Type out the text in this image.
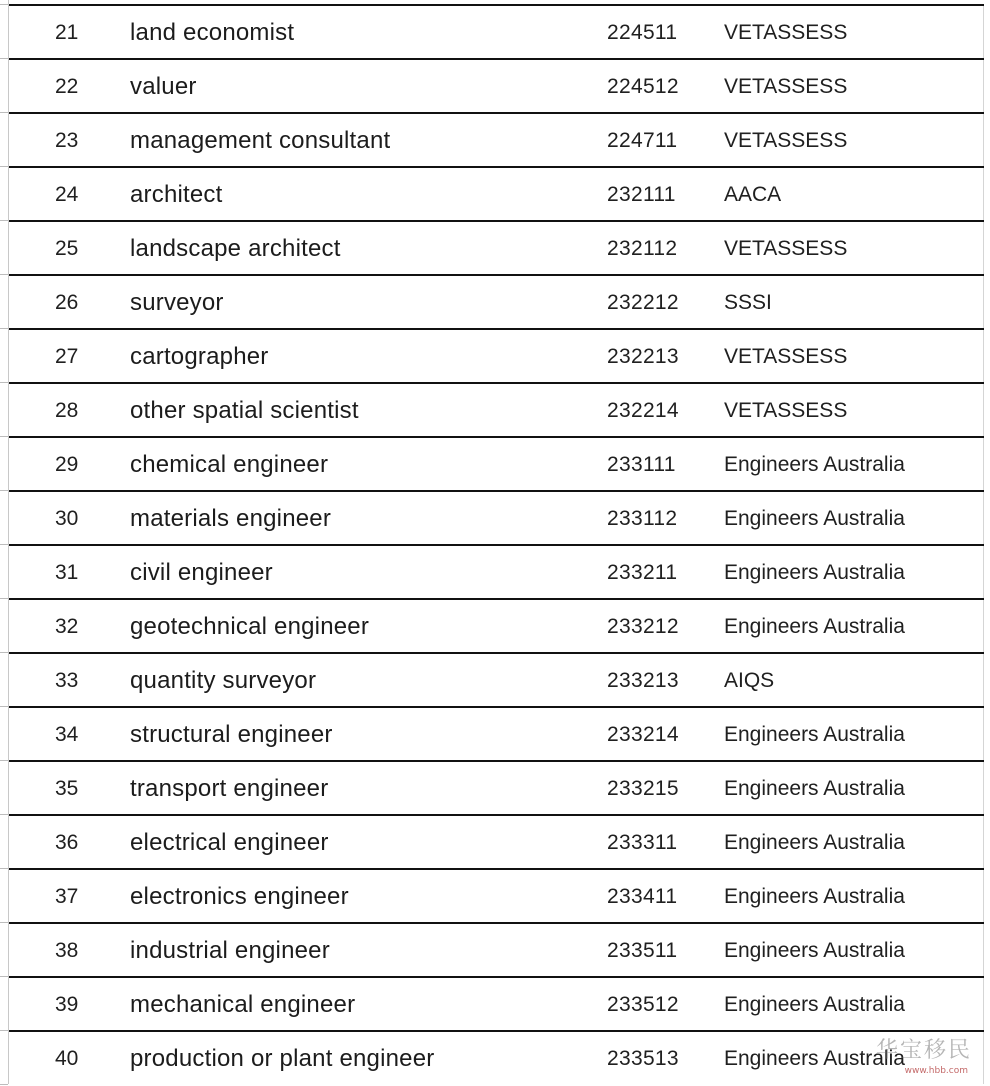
21 land economist	224511 VETASSESS
22 valuer	224512 VETASSESS
23 management consultant	224711 VETASSESS
24 architect	232111 AACA
25 landscape architect	232112 VETASSESS
26 surveyor	232212 SSSI
27 cartographer	232213 VETASSESS
28 other spatial scientist	232214 VETASSESS
29 chemical engineer	233111 Engineers Australia
30 materials engineer	233112 Engineers Australia
31 civil engineer	233211 Engineers Australia
32 geotechnical engineer	233212 Engineers Australia
33 quantity surveyor	233213 AIQS
34 structural engineer	233214 Engineers Australia
35 transport engineer	233215 Engineers Australia
36 electrical engineer	233311 Engineers Australia
37 electronics engineer	233411 Engineers Australia
38 industrial engineer	233511 Engineers Australia
39 mechanical engineer	233512 Engineers Australia
40 production or plant engineer	233513 Engineers Australia
华宝移民
www.hbb.com
